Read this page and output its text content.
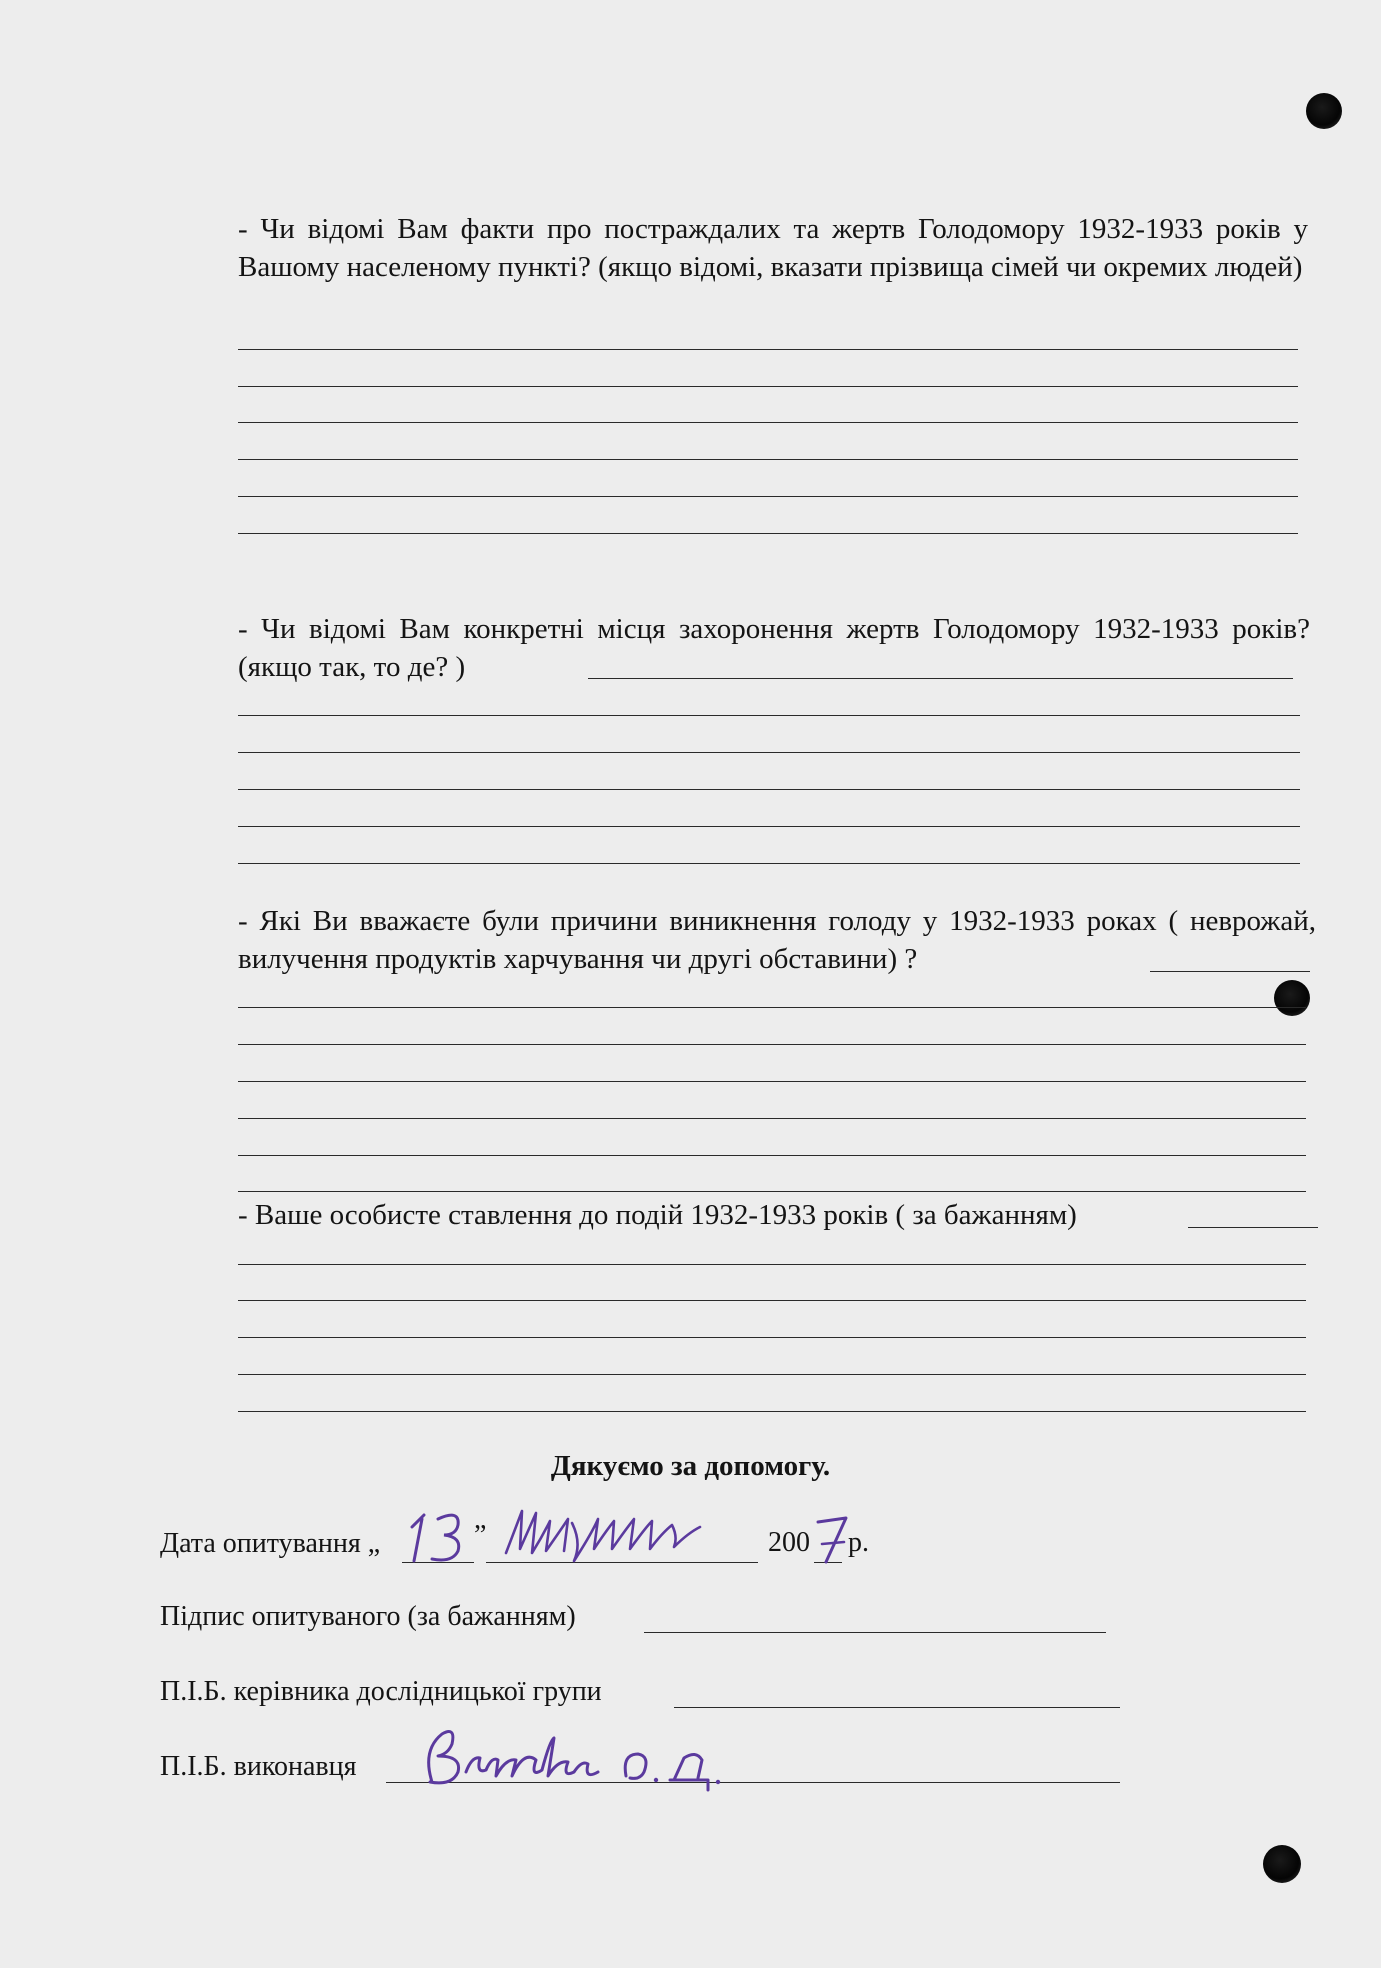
- Чи відомі Вам факти про постраждалих та жертв Голодомору 1932-1933 років у Вашому населеному пункті? (якщо відомі, вказати прізвища сімей чи окремих людей)
- Чи відомі Вам конкретні місця захоронення жертв Голодомору 1932-1933 років? (якщо так, то де? )
- Які Ви вважаєте були причини виникнення голоду у 1932-1933 роках ( неврожай, вилучення продуктів харчування чи другі обставини) ?
- Ваше особисте ставлення до подій 1932-1933 років ( за бажанням)
Дякуємо за допомогу.
Дата опитування „	”	200 р.
Підпис опитуваного (за бажанням)
П.І.Б. керівника дослідницької групи
П.І.Б. виконавця
